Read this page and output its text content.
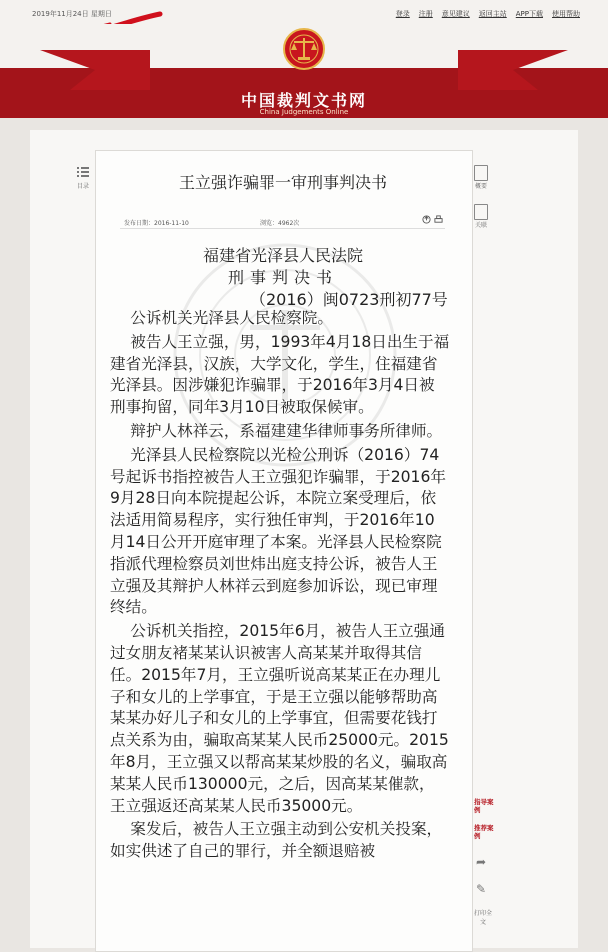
2019年11月24日 星期日	登录 注册 意见建议 返回主站 APP下载 使用帮助
中国裁判文书网
China Judgements Online
目录	概要
关联
指导案例
推荐案例
➦
✎
打印全文
王立强诈骗罪一审刑事判决书
发布日期：2016-11-10	浏览：4962次
福建省光泽县人民法院
刑事判决书
（2016）闽0723刑初77号

公诉机关光泽县人民检察院。

被告人王立强，男，1993年4月18日出生于福建省光泽县，汉族，大学文化，学生，住福建省光泽县。因涉嫌犯诈骗罪，于2016年3月4日被刑事拘留，同年3月10日被取保候审。

辩护人林祥云，系福建建华律师事务所律师。

光泽县人民检察院以光检公刑诉（2016）74号起诉书指控被告人王立强犯诈骗罪，于2016年9月28日向本院提起公诉，本院立案受理后，依法适用简易程序，实行独任审判，于2016年10月14日公开开庭审理了本案。光泽县人民检察院指派代理检察员刘世炜出庭支持公诉，被告人王立强及其辩护人林祥云到庭参加诉讼，现已审理终结。

公诉机关指控，2015年6月，被告人王立强通过女朋友褚某某认识被害人高某某并取得其信任。2015年7月，王立强听说高某某正在办理儿子和女儿的上学事宜，于是王立强以能够帮助高某某办好儿子和女儿的上学事宜，但需要花钱打点关系为由，骗取高某某人民币25000元。2015年8月，王立强又以帮高某某炒股的名义，骗取高某某人民币130000元，之后，因高某某催款，王立强返还高某某人民币35000元。

案发后，被告人王立强主动到公安机关投案，如实供述了自己的罪行，并全额退赔被
